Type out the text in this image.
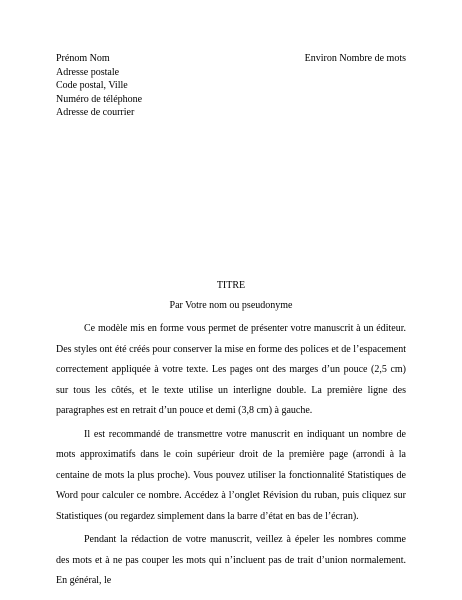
Prénom Nom
Adresse postale
Code postal, Ville
Numéro de téléphone
Adresse de courrier
Environ Nombre de mots
TITRE
Par Votre nom ou pseudonyme

Ce modèle mis en forme vous permet de présenter votre manuscrit à un éditeur. Des styles ont été créés pour conserver la mise en forme des polices et de l’espacement correctement appliquée à votre texte. Les pages ont des marges d’un pouce (2,5 cm) sur tous les côtés, et le texte utilise un interligne double. La première ligne des paragraphes est en retrait d’un pouce et demi (3,8 cm) à gauche.

Il est recommandé de transmettre votre manuscrit en indiquant un nombre de mots approximatifs dans le coin supérieur droit de la première page (arrondi à la centaine de mots la plus proche). Vous pouvez utiliser la fonctionnalité Statistiques de Word pour calculer ce nombre. Accédez à l’onglet Révision du ruban, puis cliquez sur Statistiques (ou regardez simplement dans la barre d’état en bas de l’écran).

Pendant la rédaction de votre manuscrit, veillez à épeler les nombres comme des mots et à ne pas couper les mots qui n’incluent pas de trait d’union normalement. En général, le
